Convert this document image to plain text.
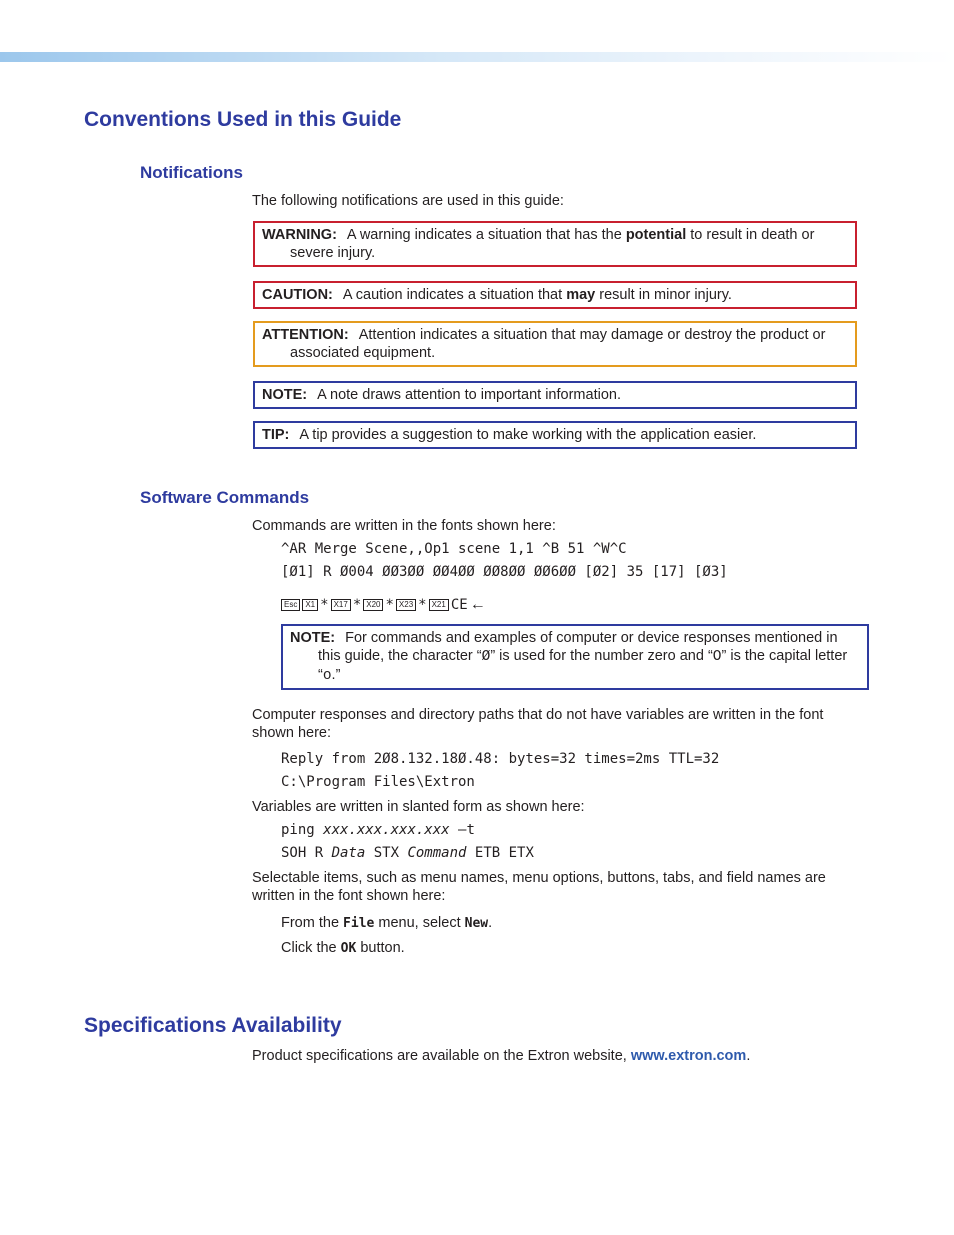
Conventions Used in this Guide
Notifications
The following notifications are used in this guide:
WARNING: A warning indicates a situation that has the potential to result in death or severe injury.
CAUTION: A caution indicates a situation that may result in minor injury.
ATTENTION: Attention indicates a situation that may damage or destroy the product or associated equipment.
NOTE: A note draws attention to important information.
TIP: A tip provides a suggestion to make working with the application easier.
Software Commands
Commands are written in the fonts shown here:
^AR Merge Scene,,Op1 scene 1,1 ^B 51 ^W^C
[Ø1] R Ø004 ØØ3ØØ ØØ4ØØ ØØ8ØØ ØØ6ØØ [Ø2] 35 [17] [Ø3]
Esc	X1 * X17 * X20 * X23 * X21 CE ←
NOTE: For commands and examples of computer or device responses mentioned in this guide, the character “Ø” is used for the number zero and “O” is the capital letter “o.”
Computer responses and directory paths that do not have variables are written in the font shown here:
Reply from 2Ø8.132.18Ø.48: bytes=32 times=2ms TTL=32
C:\Program Files\Extron
Variables are written in slanted form as shown here:
ping xxx.xxx.xxx.xxx —t
SOH R Data STX Command ETB ETX
Selectable items, such as menu names, menu options, buttons, tabs, and field names are written in the font shown here:
From the File menu, select New.
Click the OK button.
Specifications Availability
Product specifications are available on the Extron website, www.extron.com.
